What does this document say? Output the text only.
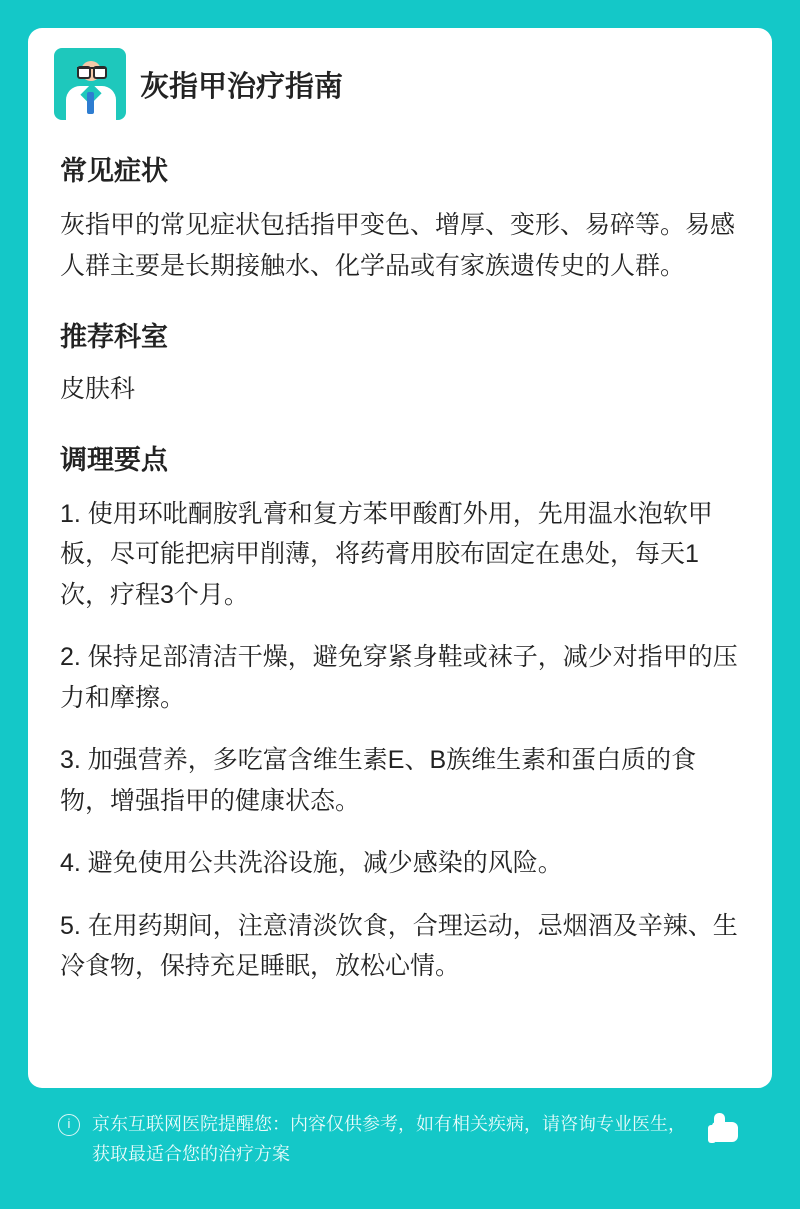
灰指甲治疗指南
常见症状

灰指甲的常见症状包括指甲变色、增厚、变形、易碎等。易感人群主要是长期接触水、化学品或有家族遗传史的人群。

推荐科室

皮肤科

调理要点
1. 使用环吡酮胺乳膏和复方苯甲酸酊外用，先用温水泡软甲板，尽可能把病甲削薄，将药膏用胶布固定在患处，每天1次，疗程3个月。
2. 保持足部清洁干燥，避免穿紧身鞋或袜子，减少对指甲的压力和摩擦。
3. 加强营养，多吃富含维生素E、B族维生素和蛋白质的食物，增强指甲的健康状态。
4. 避免使用公共洗浴设施，减少感染的风险。
5. 在用药期间，注意清淡饮食，合理运动，忌烟酒及辛辣、生冷食物，保持充足睡眠，放松心情。
i	京东互联网医院提醒您：内容仅供参考，如有相关疾病，请咨询专业医生，获取最适合您的治疗方案
